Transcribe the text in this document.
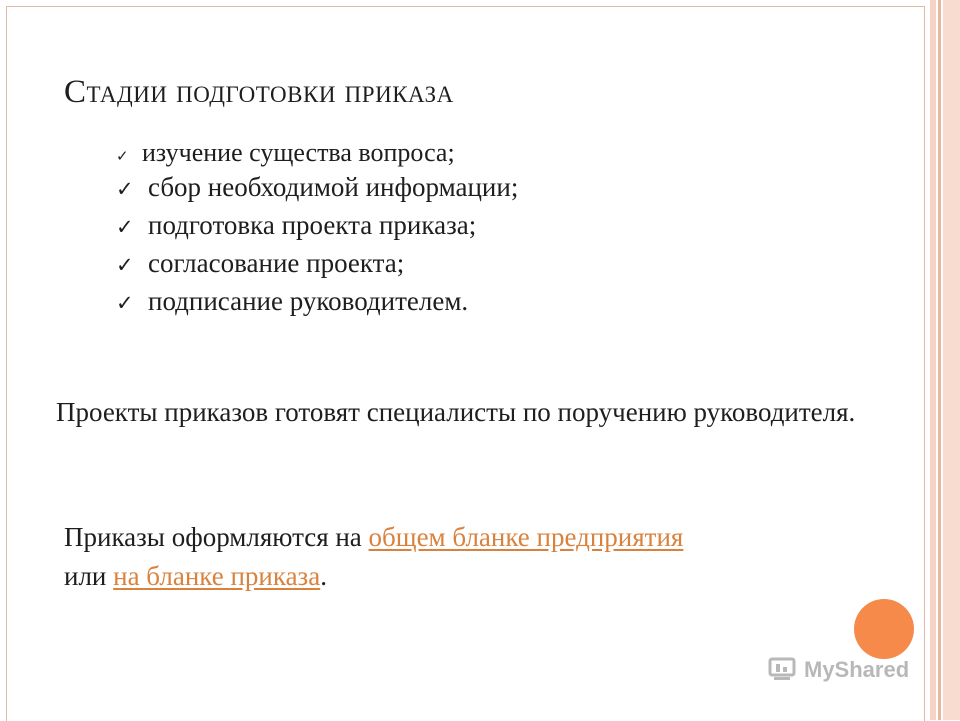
Стадии подготовки приказа
✓ изучение существа вопроса;
✓ сбор необходимой информации;
✓ подготовка проекта приказа;
✓ согласование проекта;
✓ подписание руководителем.
Проекты приказов готовят специалисты по поручению руководителя.
Приказы оформляются на общем бланке предприятия
или на бланке приказа.
MyShared
